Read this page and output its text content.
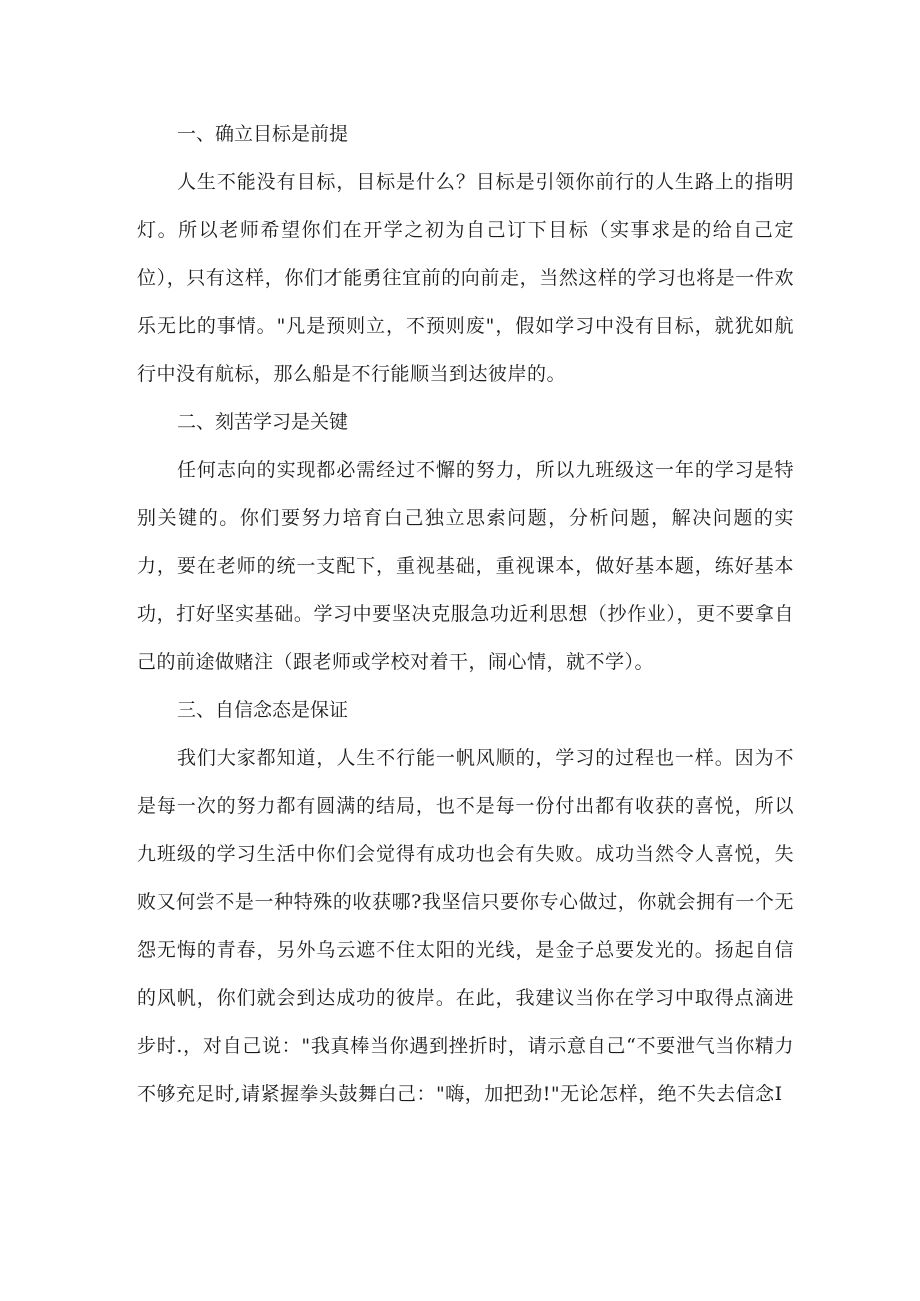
一、确立目标是前提

人生不能没有目标，目标是什么？目标是引领你前行的人生路上的指明灯。所以老师希望你们在开学之初为自己订下目标（实事求是的给自己定位），只有这样，你们才能勇往宜前的向前走，当然这样的学习也将是一件欢乐无比的事情。"凡是预则立，不预则废"，假如学习中没有目标，就犹如航行中没有航标，那么船是不行能顺当到达彼岸的。

二、刻苦学习是关键

任何志向的实现都必需经过不懈的努力，所以九班级这一年的学习是特别关键的。你们要努力培育白己独立思索问题，分析问题，解决问题的实力，要在老师的统一支配下，重视基础，重视课本，做好基本题，练好基本功，打好坚实基础。学习中要坚决克服急功近利思想（抄作业），更不要拿自己的前途做赌注（跟老师或学校对着干，闹心情，就不学）。

三、自信念态是保证

我们大家都知道，人生不行能一帆风顺的，学习的过程也一样。因为不是每一次的努力都有圆满的结局，也不是每一份付出都有收获的喜悦，所以九班级的学习生活中你们会觉得有成功也会有失败。成功当然令人喜悦，失败又何尝不是一种特殊的收获哪?我坚信只要你专心做过，你就会拥有一个无怨无悔的青春，另外乌云遮不住太阳的光线，是金子总要发光的。扬起自信的风帆，你们就会到达成功的彼岸。在此，我建议当你在学习中取得点滴进步时.，对自己说："我真棒当你遇到挫折时，请示意自己“不要泄气当你精力不够充足时,请紧握拳头鼓舞白己："嗨，加把劲!"无论怎样，绝不失去信念I
